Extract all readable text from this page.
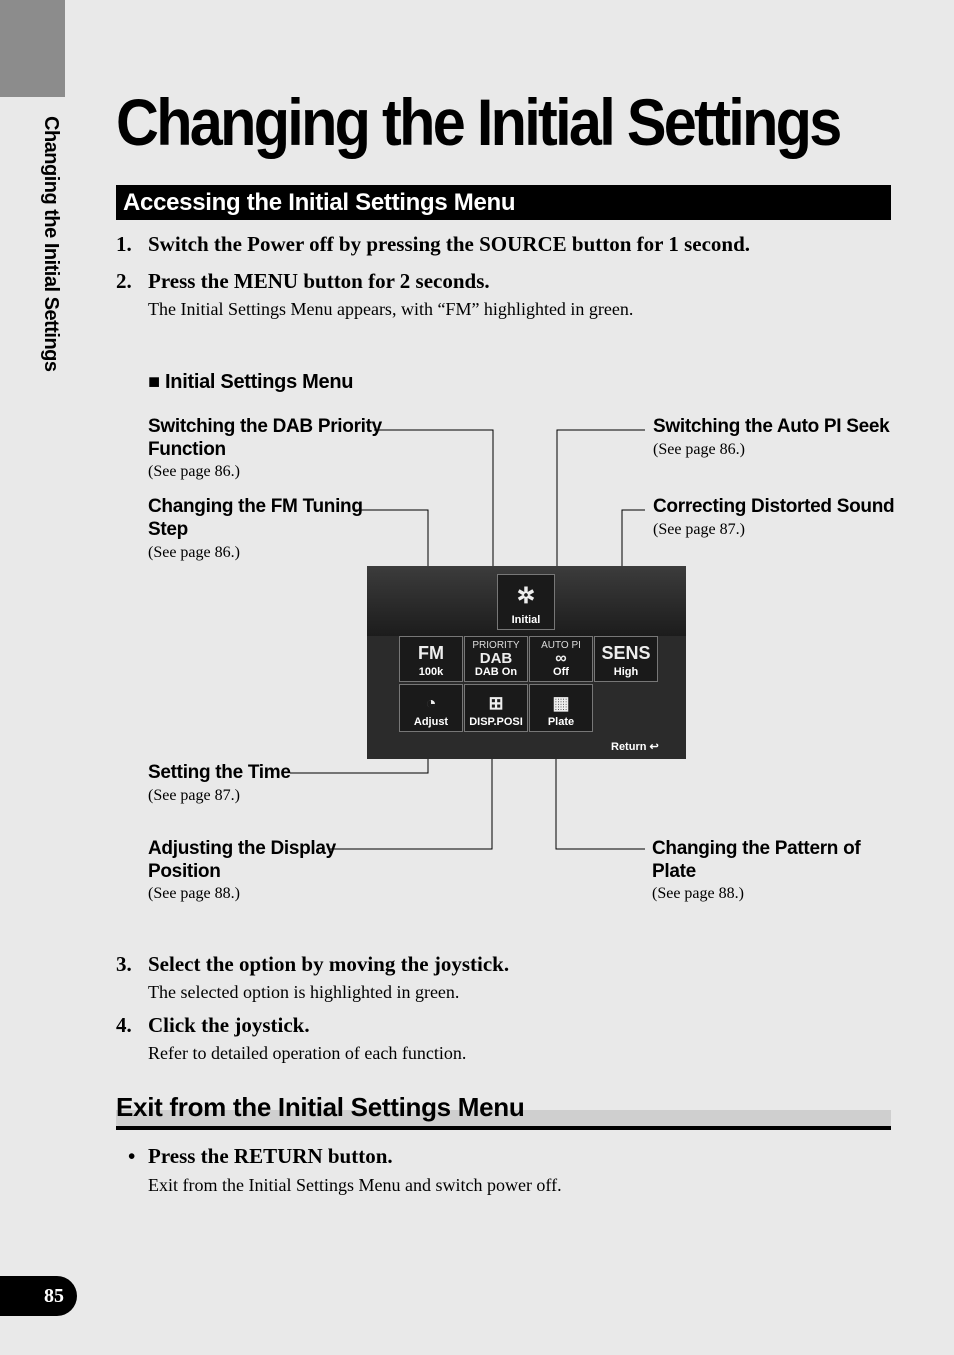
Changing the Initial Settings Changing the Initial Settings
Accessing the Initial Settings Menu
1. Switch the Power off by pressing the SOURCE button for 1 second.
2. Press the MENU button for 2 seconds.
The Initial Settings Menu appears, with “FM” highlighted in green.
■ Initial Settings Menu
Switching the DAB Priority
Function
(See page 86.)
Changing the FM Tuning
Step
(See page 86.)
Switching the Auto PI Seek
(See page 86.)
Correcting Distorted Sound
(See page 87.)
✲
Initial
FM
100k
PRIORITY
DAB
DAB On
AUTO PI
∞
Off
SENS
High
◔
Adjust
⊞
DISP.POSI
▦
Plate
Return ↩
Setting the Time
(See page 87.)
Adjusting the Display
Position
(See page 88.)
Changing the Pattern of
Plate
(See page 88.)
3. Select the option by moving the joystick.
The selected option is highlighted in green.
4. Click the joystick.
Refer to detailed operation of each function.
Exit from the Initial Settings Menu
• Press the RETURN button.
Exit from the Initial Settings Menu and switch power off.
85
